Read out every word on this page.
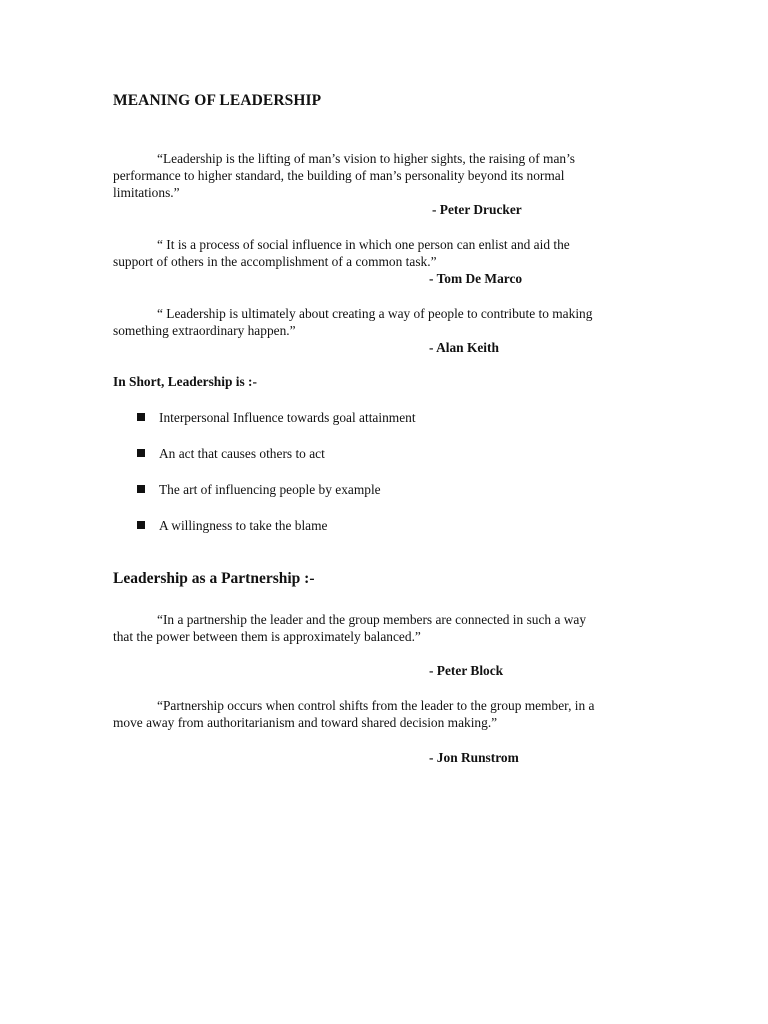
MEANING OF LEADERSHIP
“Leadership is the lifting of man’s vision to higher sights, the raising of man’s
performance to higher standard, the building of man’s personality beyond its normal
limitations.”
- Peter Drucker
“ It is a process of social influence in which one person can enlist and aid the
support of others in the accomplishment of a common task.”
- Tom De Marco
“ Leadership is ultimately about creating a way of people to contribute to making
something extraordinary happen.”
- Alan Keith
In Short, Leadership is :-
Interpersonal Influence towards goal attainment
An act that causes others to act
The art of influencing people by example
A willingness to take the blame
Leadership as a Partnership :-
“In a partnership the leader and the group members are connected in such a way
that the power between them is approximately balanced.”
- Peter Block
“Partnership occurs when control shifts from the leader to the group member, in a
move away from authoritarianism and toward shared decision making.”
- Jon Runstrom
